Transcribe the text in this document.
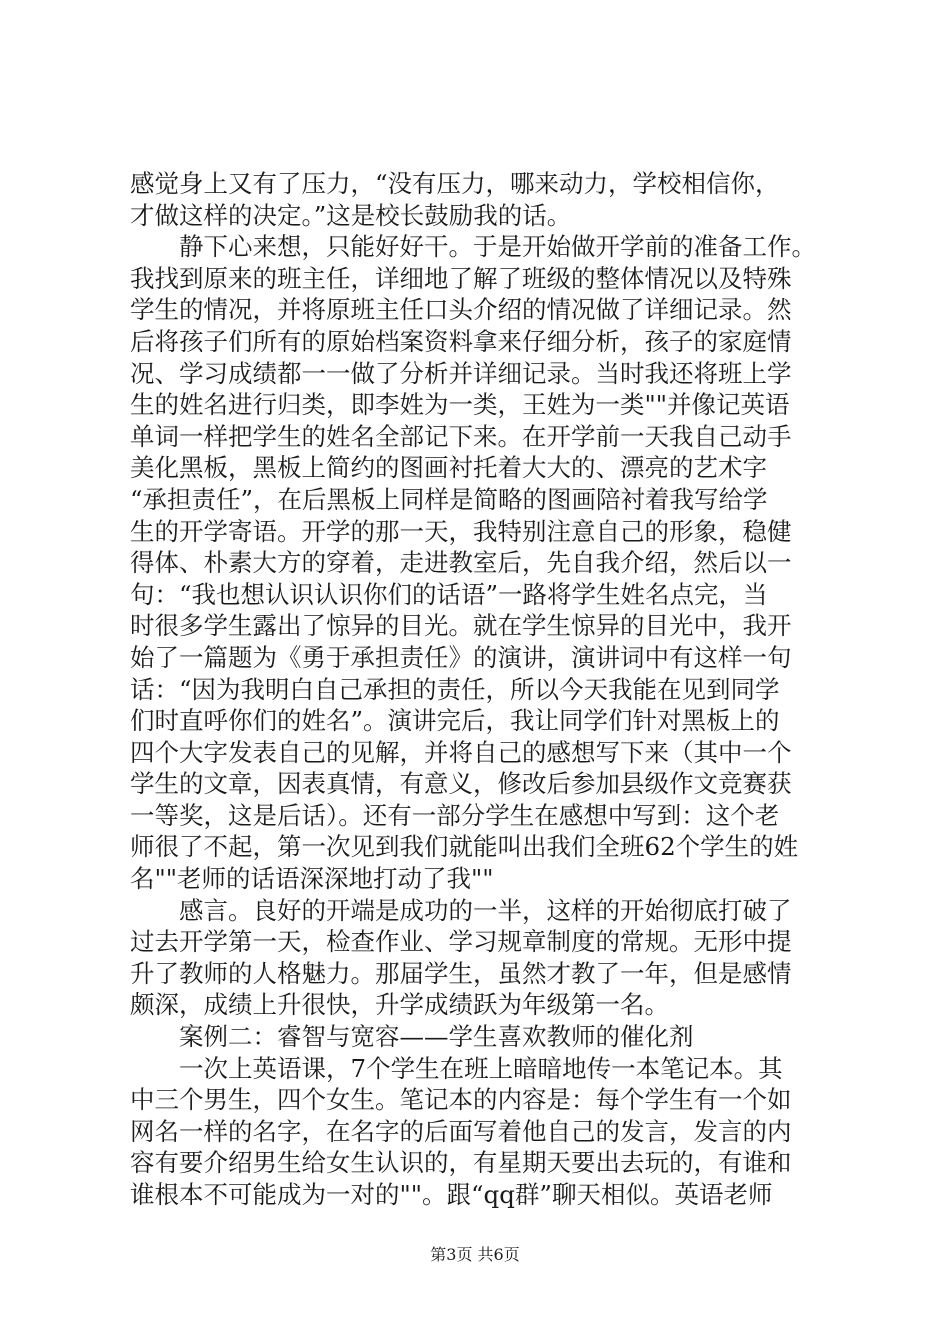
感觉身上又有了压力，“没有压力，哪来动力，学校相信你，
才做这样的决定。”这是校长鼓励我的话。
　　静下心来想，只能好好干。于是开始做开学前的准备工作。
我找到原来的班主任，详细地了解了班级的整体情况以及特殊
学生的情况，并将原班主任口头介绍的情况做了详细记录。然
后将孩子们所有的原始档案资料拿来仔细分析，孩子的家庭情
况、学习成绩都一一做了分析并详细记录。当时我还将班上学
生的姓名进行归类，即李姓为一类，王姓为一类""并像记英语
单词一样把学生的姓名全部记下来。在开学前一天我自己动手
美化黑板，黑板上简约的图画衬托着大大的、漂亮的艺术字
“承担责任”，在后黑板上同样是简略的图画陪衬着我写给学
生的开学寄语。开学的那一天，我特别注意自己的形象，稳健
得体、朴素大方的穿着，走进教室后，先自我介绍，然后以一
句：“我也想认识认识你们的话语”一路将学生姓名点完，当
时很多学生露出了惊异的目光。就在学生惊异的目光中，我开
始了一篇题为《勇于承担责任》的演讲，演讲词中有这样一句
话：“因为我明白自己承担的责任，所以今天我能在见到同学
们时直呼你们的姓名”。演讲完后，我让同学们针对黑板上的
四个大字发表自己的见解，并将自己的感想写下来（其中一个
学生的文章，因表真情，有意义，修改后参加县级作文竞赛获
一等奖，这是后话）。还有一部分学生在感想中写到：这个老
师很了不起，第一次见到我们就能叫出我们全班62个学生的姓
名""老师的话语深深地打动了我""
　　感言。良好的开端是成功的一半，这样的开始彻底打破了
过去开学第一天，检查作业、学习规章制度的常规。无形中提
升了教师的人格魅力。那届学生，虽然才教了一年，但是感情
颇深，成绩上升很快，升学成绩跃为年级第一名。
　　案例二：睿智与宽容——学生喜欢教师的催化剂
　　一次上英语课，7个学生在班上暗暗地传一本笔记本。其
中三个男生，四个女生。笔记本的内容是：每个学生有一个如
网名一样的名字，在名字的后面写着他自己的发言，发言的内
容有要介绍男生给女生认识的，有星期天要出去玩的，有谁和
谁根本不可能成为一对的""。跟“qq群”聊天相似。英语老师
第3页 共6页
